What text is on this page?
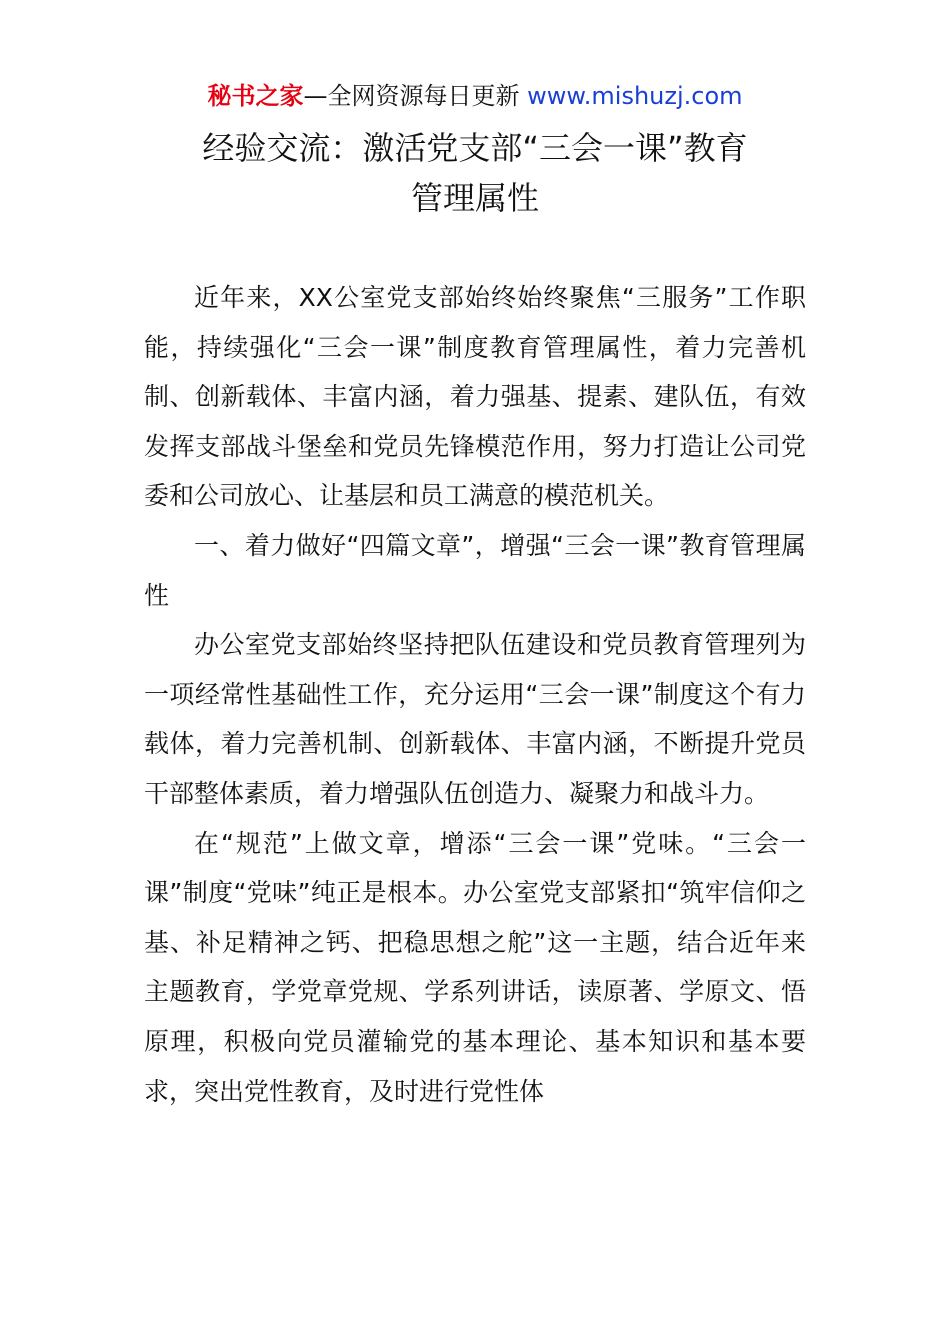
秘书之家—全网资源每日更新 www.mishuzj.com
经验交流：激活党支部“三会一课”教育
管理属性

近年来，XX公室党支部始终始终聚焦“三服务”工作职能，持续强化“三会一课”制度教育管理属性，着力完善机制、创新载体、丰富内涵，着力强基、提素、建队伍，有效发挥支部战斗堡垒和党员先锋模范作用，努力打造让公司党委和公司放心、让基层和员工满意的模范机关。

一、着力做好“四篇文章”，增强“三会一课”教育管理属性

办公室党支部始终坚持把队伍建设和党员教育管理列为一项经常性基础性工作，充分运用“三会一课”制度这个有力载体，着力完善机制、创新载体、丰富内涵，不断提升党员干部整体素质，着力增强队伍创造力、凝聚力和战斗力。

在“规范”上做文章，增添“三会一课”党味。“三会一课”制度“党味”纯正是根本。办公室党支部紧扣“筑牢信仰之基、补足精神之钙、把稳思想之舵”这一主题，结合近年来主题教育，学党章党规、学系列讲话，读原著、学原文、悟原理，积极向党员灌输党的基本理论、基本知识和基本要求，突出党性教育，及时进行党性体
